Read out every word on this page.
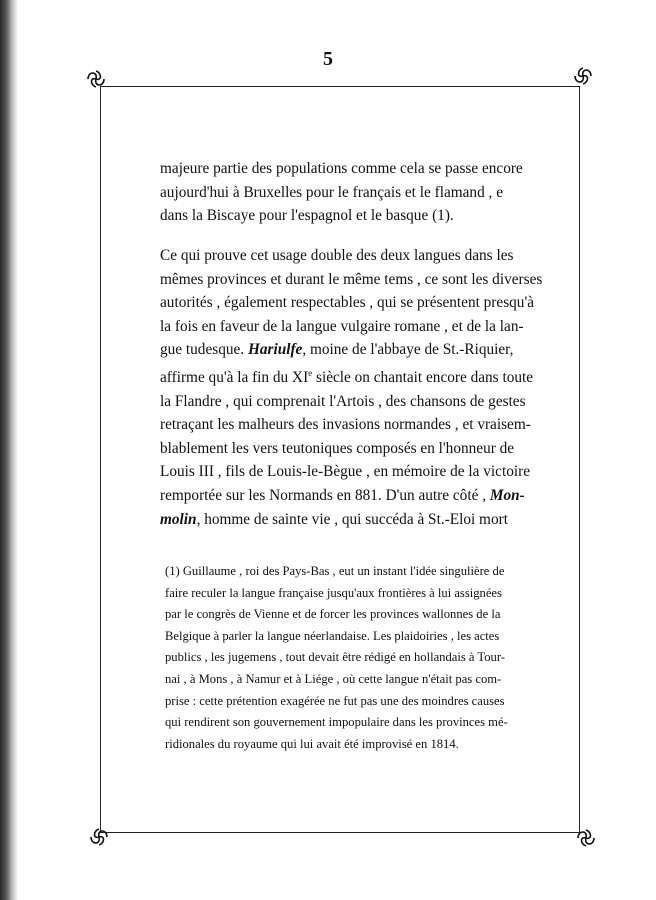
5
majeure partie des populations comme cela se passe encore
aujourd'hui à Bruxelles pour le français et le flamand , e
dans la Biscaye pour l'espagnol et le basque (1).
Ce qui prouve cet usage double des deux langues dans les
mêmes provinces et durant le même tems , ce sont les diverses
autorités , également respectables , qui se présentent presqu'à
la fois en faveur de la langue vulgaire romane , et de la lan-
gue tudesque. Hariulfe, moine de l'abbaye de St.-Riquier,
affirme qu'à la fin du XIe siècle on chantait encore dans toute
la Flandre , qui comprenait l'Artois , des chansons de gestes
retraçant les malheurs des invasions normandes , et vraisem-
blablement les vers teutoniques composés en l'honneur de
Louis III , fils de Louis-le-Bègue , en mémoire de la victoire
remportée sur les Normands en 881. D'un autre côté , Mon-
molin, homme de sainte vie , qui succéda à St.-Eloi mort
(1) Guillaume , roi des Pays-Bas , eut un instant l'idée singulière de
faire reculer la langue française jusqu'aux frontières à lui assignées
par le congrès de Vienne et de forcer les provinces wallonnes de la
Belgique à parler la langue néerlandaise. Les plaidoiries , les actes
publics , les jugemens , tout devait être rédigé en hollandais à Tour-
nai , à Mons , à Namur et à Liége , où cette langue n'était pas com-
prise : cette prétention exagérée ne fut pas une des moindres causes
qui rendirent son gouvernement impopulaire dans les provinces mé-
ridionales du royaume qui lui avait été improvisé en 1814.
